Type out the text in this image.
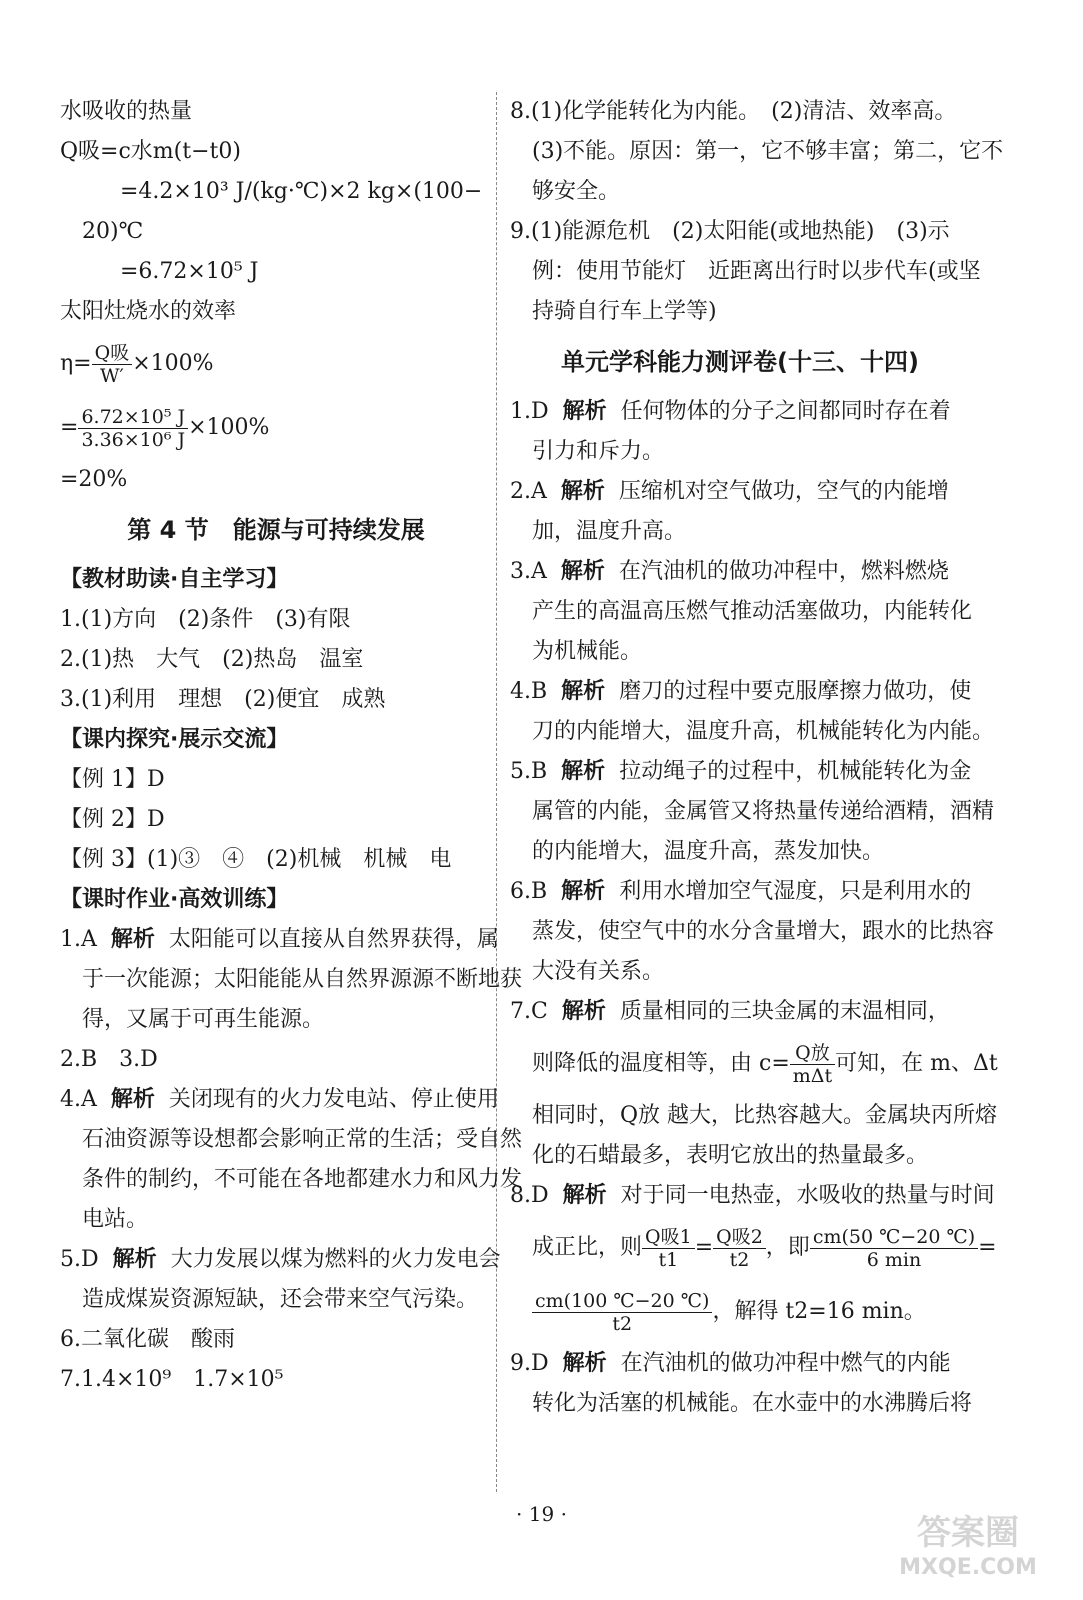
水吸收的热量
Q吸=c水m(t−t0)
=4.2×10³ J/(kg·℃)×2 kg×(100−
20)℃
=6.72×10⁵ J
太阳灶烧水的效率
$\eta= \frac{\text{Q吸}}{W'} \times 100\%$
= $\frac{\text{6.72×10⁵ J}}{\text{3.36×10⁶ J}} \times 100\%$
=20%
第 4 节　能源与可持续发展
【教材助读·自主学习】
1.(1)方向　(2)条件　(3)有限
2.(1)热　大气　(2)热岛　温室
3.(1)利用　理想　(2)便宜　成熟
【课内探究·展示交流】
【例 1】D
【例 2】D
【例 3】(1)③　④　(2)机械　机械　电
【课时作业·高效训练】
1.A 解析 太阳能可以直接从自然界获得，属
于一次能源；太阳能能从自然界源源不断地获
得，又属于可再生能源。
2.B　3.D
4.A 解析 关闭现有的火力发电站、停止使用
石油资源等设想都会影响正常的生活；受自然
条件的制约，不可能在各地都建水力和风力发
电站。
5.D 解析 大力发展以煤为燃料的火力发电会
造成煤炭资源短缺，还会带来空气污染。
6.二氧化碳　酸雨
7.1.4×10⁹　1.7×10⁵
8.(1)化学能转化为内能。　(2)清洁、效率高。
(3)不能。原因：第一，它不够丰富；第二，它不
够安全。
9.(1)能源危机　(2)太阳能(或地热能)　(3)示
例：使用节能灯　近距离出行时以步代车(或坚
持骑自行车上学等)
单元学科能力测评卷(十三、十四)
1.D 解析 任何物体的分子之间都同时存在着
引力和斥力。
2.A 解析 压缩机对空气做功，空气的内能增
加，温度升高。
3.A 解析 在汽油机的做功冲程中，燃料燃烧
产生的高温高压燃气推动活塞做功，内能转化
为机械能。
4.B 解析 磨刀的过程中要克服摩擦力做功，使
刀的内能增大，温度升高，机械能转化为内能。
5.B 解析 拉动绳子的过程中，机械能转化为金
属管的内能，金属管又将热量传递给酒精，酒精
的内能增大，温度升高，蒸发加快。
6.B 解析 利用水增加空气湿度，只是利用水的
蒸发，使空气中的水分含量增大，跟水的比热容
大没有关系。
7.C 解析 质量相同的三块金属的末温相同，
则降低的温度相等，由 $c= \frac{\text{Q放}}{\text{mΔt}}$ 可知，在 m、Δt
相同时，Q放 越大，比热容越大。金属块丙所熔
化的石蜡最多，表明它放出的热量最多。
8.D 解析 对于同一电热壶，水吸收的热量与时间
成正比，则 $\frac{\text{Q吸1}}{t1} = \frac{\text{Q吸2}}{t2}$ ，即 $\frac{cm(50 ℃-20 ℃)}{6 \min}$ =
$\frac{cm(100 ℃-20 ℃)}{t2}$ ，解得 t2=16 min。
9.D 解析 在汽油机的做功冲程中燃气的内能
转化为活塞的机械能。在水壶中的水沸腾后将
· 19 ·	答案圈
MXQE.COM
